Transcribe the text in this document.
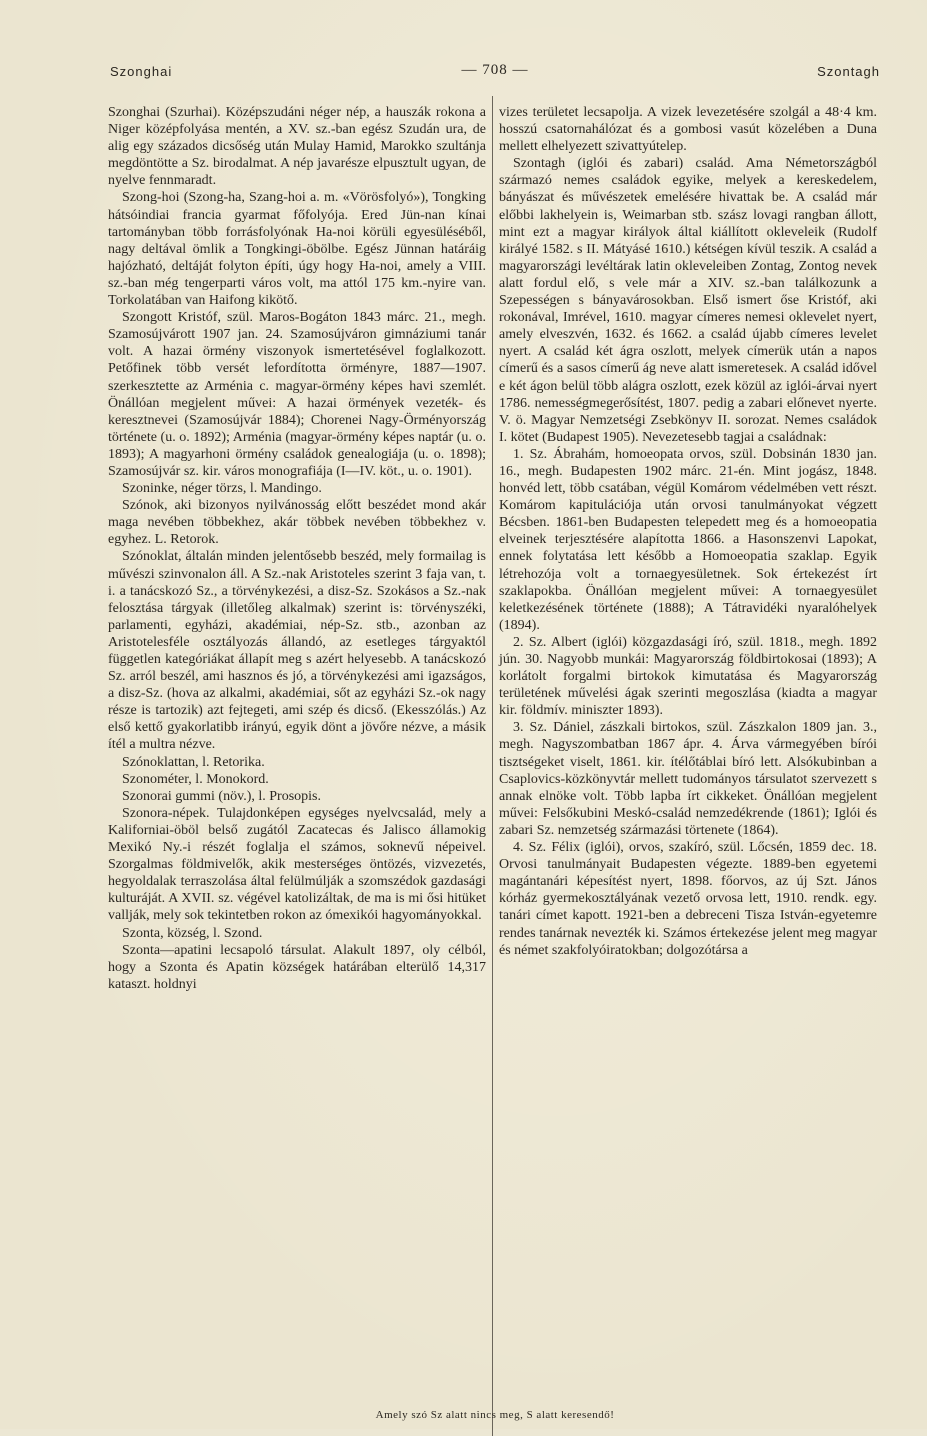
Szonghai	— 708 —	Szontagh

Szonghai (Szurhai). Középszudáni néger nép, a hauszák rokona a Niger középfolyása mentén, a XV. sz.-ban egész Szudán ura, de alig egy százados dicsőség után Mulay Hamid, Marokko szultánja megdöntötte a Sz. birodalmat. A nép javarésze elpusztult ugyan, de nyelve fennmaradt.

Szong-hoi (Szong-ha, Szang-hoi a. m. «Vörösfolyó»), Tongking hátsóindiai francia gyarmat főfolyója. Ered Jün-nan kínai tartományban több forrásfolyónak Ha-noi körüli egyesüléséből, nagy deltával ömlik a Tongkingi-öbölbe. Egész Jünnan határáig hajózható, deltáját folyton építi, úgy hogy Ha-noi, amely a VIII. sz.-ban még tengerparti város volt, ma attól 175 km.-nyire van. Torkolatában van Haifong kikötő.

Szongott Kristóf, szül. Maros-Bogáton 1843 márc. 21., megh. Szamosújvárott 1907 jan. 24. Szamosújváron gimnáziumi tanár volt. A hazai örmény viszonyok ismertetésével foglalkozott. Petőfinek több versét lefordította örményre, 1887—1907. szerkesztette az Arménia c. magyar-örmény képes havi szemlét. Önállóan megjelent művei: A hazai örmények vezeték- és keresztnevei (Szamosújvár 1884); Chorenei Nagy-Örményország története (u. o. 1892); Arménia (magyar-örmény képes naptár (u. o. 1893); A magyarhoni örmény családok genealogiája (u. o. 1898); Szamosújvár sz. kir. város monografiája (I—IV. köt., u. o. 1901).

Szoninke, néger törzs, l. Mandingo.

Szónok, aki bizonyos nyilvánosság előtt beszédet mond akár maga nevében többekhez, akár többek nevében többekhez v. egyhez. L. Retorok.

Szónoklat, általán minden jelentősebb beszéd, mely formailag is művészi szinvonalon áll. A Sz.-nak Aristoteles szerint 3 faja van, t. i. a tanácskozó Sz., a törvénykezési, a disz-Sz. Szokásos a Sz.-nak felosztása tárgyak (illetőleg alkalmak) szerint is: törvényszéki, parlamenti, egyházi, akadémiai, nép-Sz. stb., azonban az Aristotelesféle osztályozás állandó, az esetleges tárgyaktól független kategóriákat állapít meg s azért helyesebb. A tanácskozó Sz. arról beszél, ami hasznos és jó, a törvénykezési ami igazságos, a disz-Sz. (hova az alkalmi, akadémiai, sőt az egyházi Sz.-ok nagy része is tartozik) azt fejtegeti, ami szép és dicső. (Ekesszólás.) Az első kettő gyakorlatibb irányú, egyik dönt a jövőre nézve, a másik ítél a multra nézve.

Szónoklattan, l. Retorika.

Szonométer, l. Monokord.

Szonorai gummi (növ.), l. Prosopis.

Szonora-népek. Tulajdonképen egységes nyelvcsalád, mely a Kaliforniai-öböl belső zugától Zacatecas és Jalisco államokig Mexikó Ny.-i részét foglalja el számos, soknevű népeivel. Szorgalmas földmivelők, akik mesterséges öntözés, vizvezetés, hegyoldalak terraszolása által felülmúlják a szomszédok gazdasági kulturáját. A XVII. sz. végével katolizáltak, de ma is mi ősi hitüket vallják, mely sok tekintetben rokon az ómexikói hagyományokkal.

Szonta, község, l. Szond.

Szonta—apatini lecsapoló társulat. Alakult 1897, oly célból, hogy a Szonta és Apatin községek határában elterülő 14,317 kataszt. holdnyi

vizes területet lecsapolja. A vizek levezetésére szolgál a 48·4 km. hosszú csatornahálózat és a gombosi vasút közelében a Duna mellett elhelyezett szivattyútelep.

Szontagh (iglói és zabari) család. Ama Németországból származó nemes családok egyike, melyek a kereskedelem, bányászat és művészetek emelésére hivattak be. A család már előbbi lakhelyein is, Weimarban stb. szász lovagi rangban állott, mint ezt a magyar királyok által kiállított okleveleik (Rudolf királyé 1582. s II. Mátyásé 1610.) kétségen kívül teszik. A család a magyarországi levéltárak latin okleveleiben Zontag, Zontog nevek alatt fordul elő, s vele már a XIV. sz.-ban találkozunk a Szepességen s bányavárosokban. Első ismert őse Kristóf, aki rokonával, Imrével, 1610. magyar címeres nemesi oklevelet nyert, amely elveszvén, 1632. és 1662. a család újabb címeres levelet nyert. A család két ágra oszlott, melyek címerük után a napos címerű és a sasos címerű ág neve alatt ismeretesek. A család idővel e két ágon belül több alágra oszlott, ezek közül az iglói-árvai nyert 1786. nemességmegerősítést, 1807. pedig a zabari előnevet nyerte. V. ö. Magyar Nemzetségi Zsebkönyv II. sorozat. Nemes családok I. kötet (Budapest 1905). Nevezetesebb tagjai a családnak:

1. Sz. Ábrahám, homoeopata orvos, szül. Dobsinán 1830 jan. 16., megh. Budapesten 1902 márc. 21-én. Mint jogász, 1848. honvéd lett, több csatában, végül Komárom védelmében vett részt. Komárom kapitulációja után orvosi tanulmányokat végzett Bécsben. 1861-ben Budapesten telepedett meg és a homoeopatia elveinek terjesztésére alapította 1866. a Hasonszenvi Lapokat, ennek folytatása lett később a Homoeopatia szaklap. Egyik létrehozója volt a tornaegyesületnek. Sok értekezést írt szaklapokba. Önállóan megjelent művei: A tornaegyesület keletkezésének története (1888); A Tátravidéki nyaralóhelyek (1894).

2. Sz. Albert (iglói) közgazdasági író, szül. 1818., megh. 1892 jún. 30. Nagyobb munkái: Magyarország földbirtokosai (1893); A korlátolt forgalmi birtokok kimutatása és Magyarország területének művelési ágak szerinti megoszlása (kiadta a magyar kir. földmív. miniszter 1893).

3. Sz. Dániel, zászkali birtokos, szül. Zászkalon 1809 jan. 3., megh. Nagyszombatban 1867 ápr. 4. Árva vármegyében bírói tisztségeket viselt, 1861. kir. ítélőtáblai bíró lett. Alsókubinban a Csaplovics-közkönyvtár mellett tudományos társulatot szervezett s annak elnöke volt. Több lapba írt cikkeket. Önállóan megjelent művei: Felsőkubini Meskó-család nemzedékrende (1861); Iglói és zabari Sz. nemzetség származási törtenete (1864).

4. Sz. Félix (iglói), orvos, szakíró, szül. Lőcsén, 1859 dec. 18. Orvosi tanulmányait Budapesten végezte. 1889-ben egyetemi magántanári képesítést nyert, 1898. főorvos, az új Szt. János kórház gyermekosztályának vezető orvosa lett, 1910. rendk. egy. tanári címet kapott. 1921-ben a debreceni Tisza István-egyetemre rendes tanárnak nevezték ki. Számos értekezése jelent meg magyar és német szakfolyóiratokban; dolgozótársa a

Amely szó Sz alatt nincs meg, S alatt keresendő!
